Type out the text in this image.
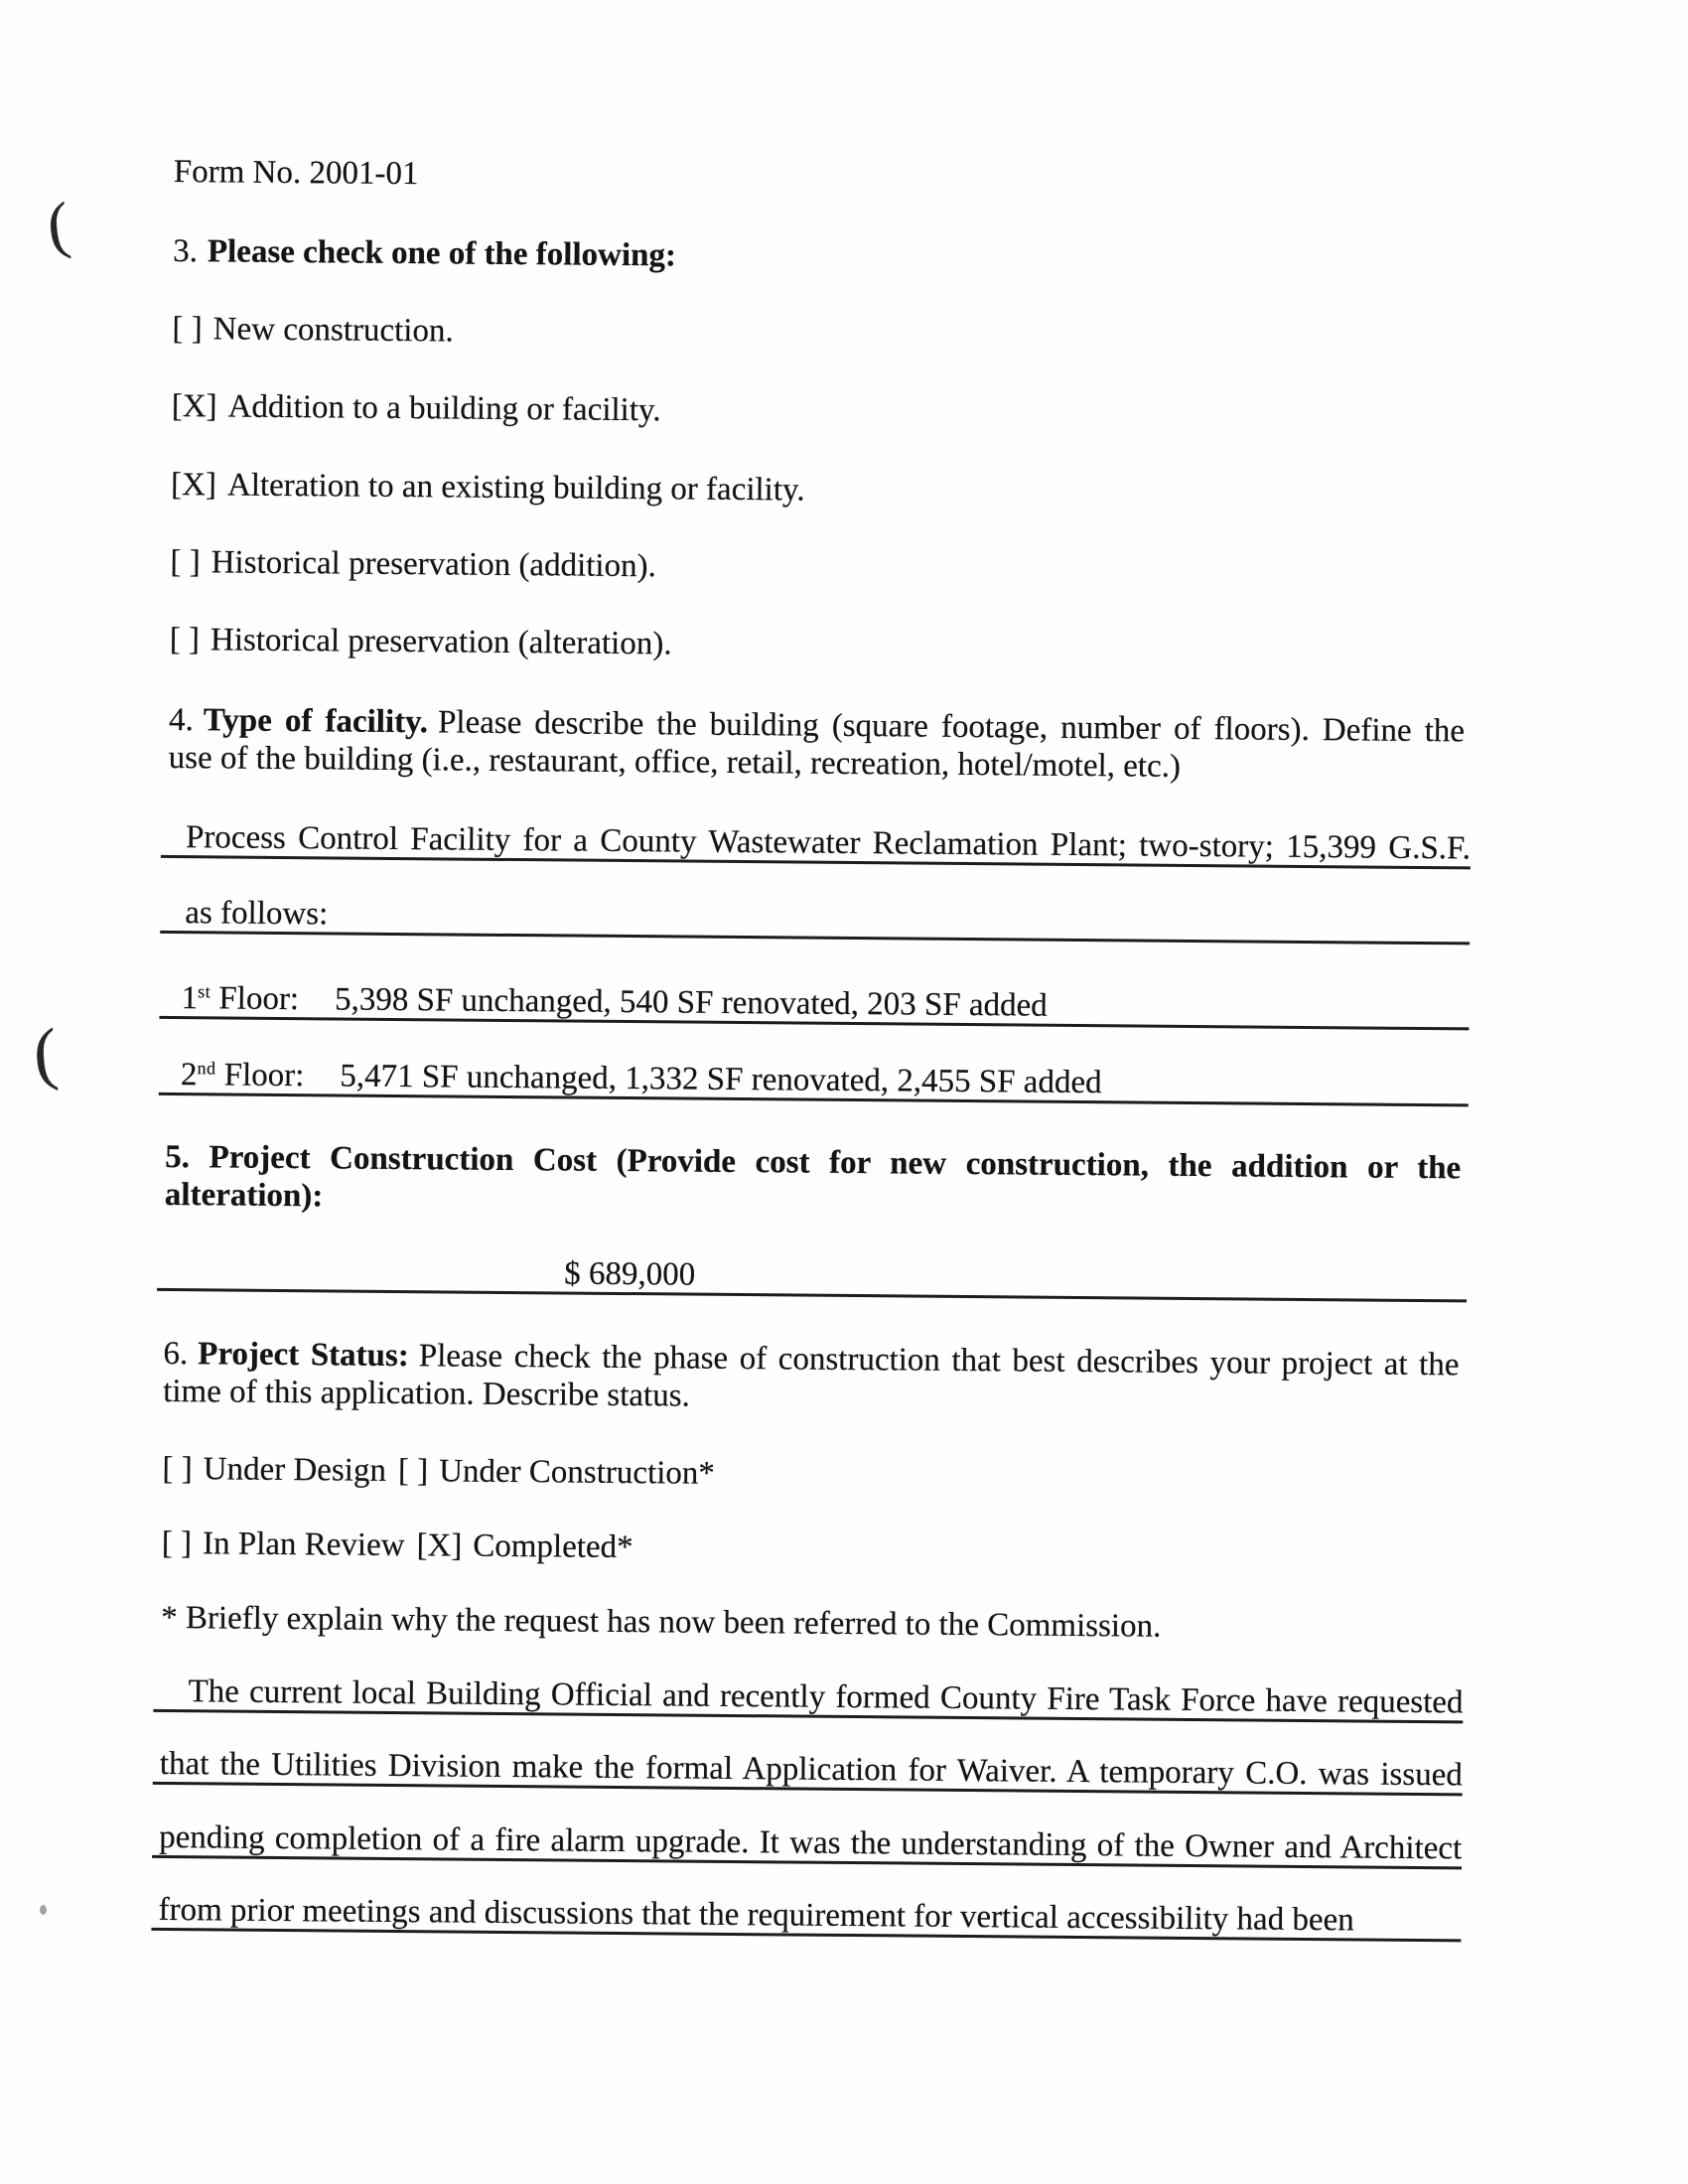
(
(
Form No. 2001-01
3. Please check one of the following:
[ ] New construction.
[X] Addition to a building or facility.
[X] Alteration to an existing building or facility.
[ ] Historical preservation (addition).
[ ] Historical preservation (alteration).
4. Type of facility. Please describe the building (square footage, number of floors). Define the
use of the building (i.e., restaurant, office, retail, recreation, hotel/motel, etc.)
Process Control Facility for a County Wastewater Reclamation Plant; two-story; 15,399 G.S.F.
as follows:
1st Floor: 5,398 SF unchanged, 540 SF renovated, 203 SF added
2nd Floor: 5,471 SF unchanged, 1,332 SF renovated, 2,455 SF added
5. Project Construction Cost (Provide cost for new construction, the addition or the
alteration):
$ 689,000
6. Project Status: Please check the phase of construction that best describes your project at the
time of this application. Describe status.
[ ] Under Design [ ] Under Construction*
[ ] In Plan Review [X] Completed*
* Briefly explain why the request has now been referred to the Commission.
The current local Building Official and recently formed County Fire Task Force have requested
that the Utilities Division make the formal Application for Waiver. A temporary C.O. was issued
pending completion of a fire alarm upgrade. It was the understanding of the Owner and Architect
from prior meetings and discussions that the requirement for vertical accessibility had been
